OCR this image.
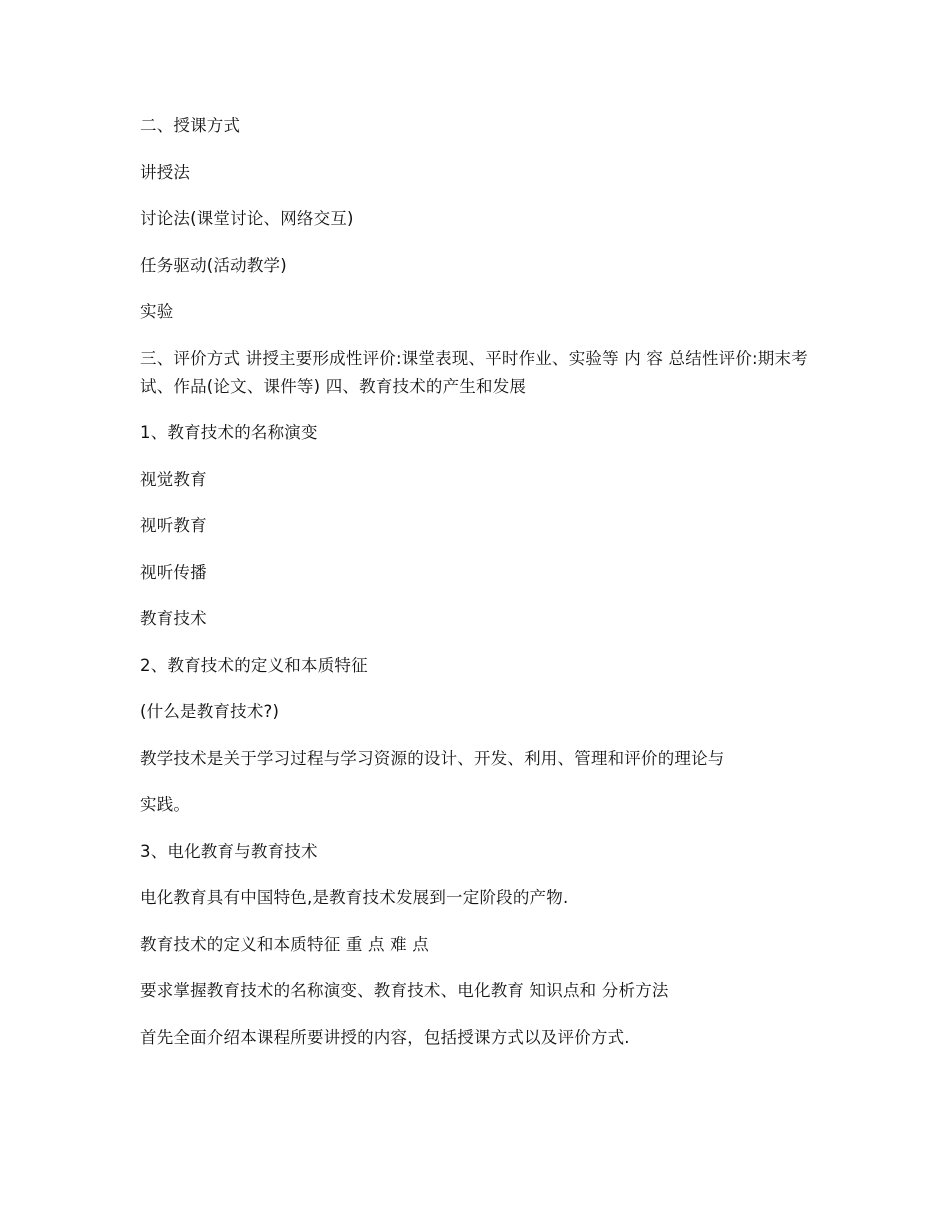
二、授课方式

讲授法

讨论法(课堂讨论、网络交互)

任务驱动(活动教学)

实验

三、评价方式 讲授主要形成性评价:课堂表现、平时作业、实验等 内 容 总结性评价:期末考试、作品(论文、课件等) 四、教育技术的产生和发展

1、教育技术的名称演变

视觉教育

视听教育

视听传播

教育技术

2、教育技术的定义和本质特征

(什么是教育技术?)

教学技术是关于学习过程与学习资源的设计、开发、利用、管理和评价的理论与

实践。

3、电化教育与教育技术

电化教育具有中国特色,是教育技术发展到一定阶段的产物.

教育技术的定义和本质特征 重 点 难 点

要求掌握教育技术的名称演变、教育技术、电化教育 知识点和 分析方法

首先全面介绍本课程所要讲授的内容，包括授课方式以及评价方式.
